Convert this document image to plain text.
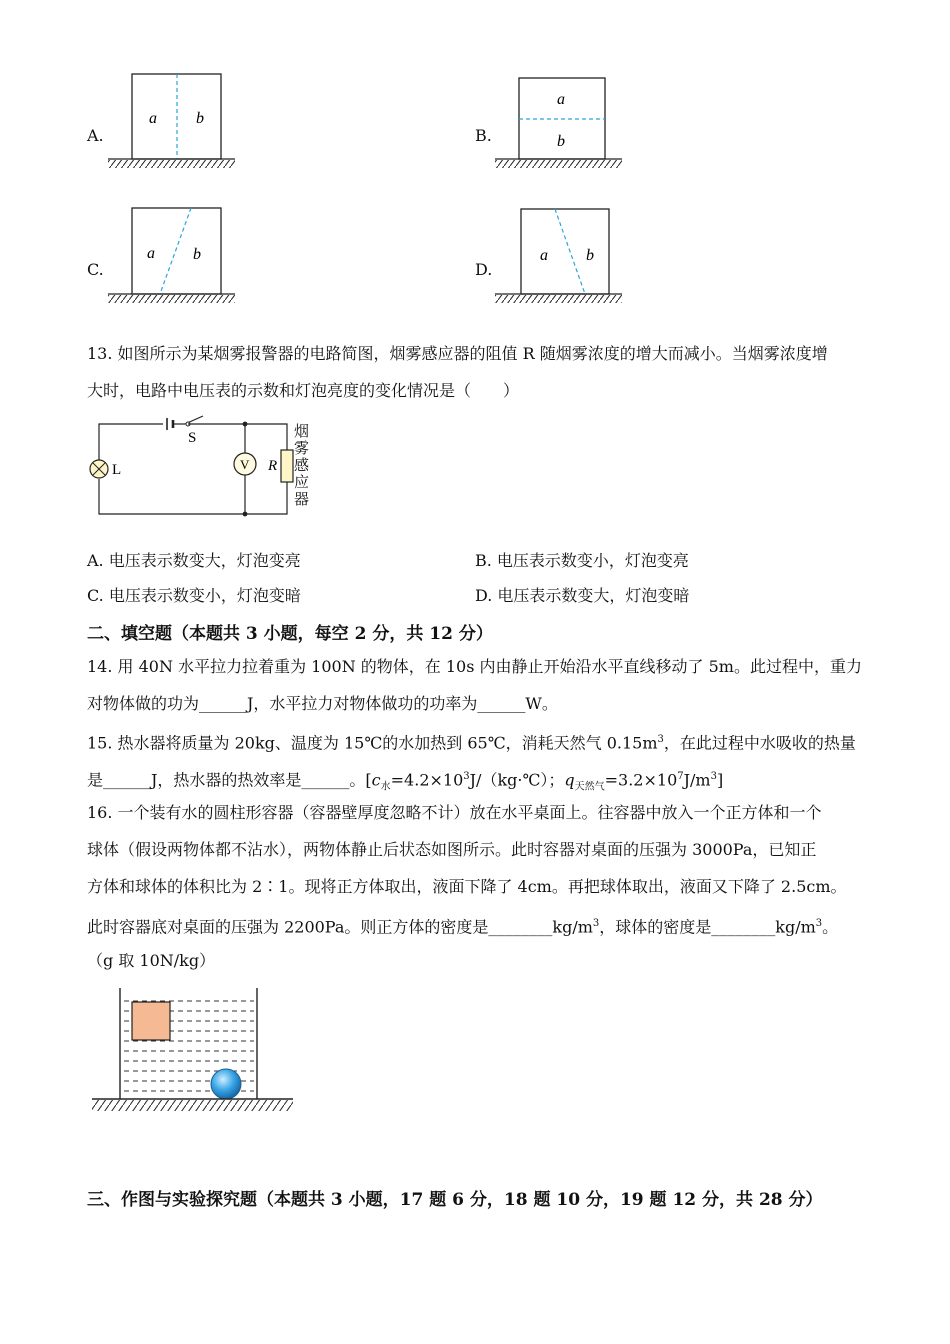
A.
a b
B.
a
b
C.
a b
D.
a b
13. 如图所示为某烟雾报警器的电路简图，烟雾感应器的阻值 R 随烟雾浓度的增大而减小。当烟雾浓度增
大时，电路中电压表的示数和灯泡亮度的变化情况是（　　）
S
V R
L
烟雾感应器
A. 电压表示数变大，灯泡变亮	B. 电压表示数变小，灯泡变亮
C. 电压表示数变小，灯泡变暗	D. 电压表示数变大，灯泡变暗
二、填空题（本题共 3 小题，每空 2 分，共 12 分）
14. 用 40N 水平拉力拉着重为 100N 的物体，在 10s 内由静止开始沿水平直线移动了 5m。此过程中，重力
对物体做的功为______J，水平拉力对物体做功的功率为______W。
15. 热水器将质量为 20kg、温度为 15℃的水加热到 65℃，消耗天然气 $0.15m^3$，在此过程中水吸收的热量
是______J，热水器的热效率是______。[$c_水=4.2\times 10^3J/(kg\cdot℃)$；$q_{天然气}=3.2\times 10^7J/m^3$]
16. 一个装有水的圆柱形容器（容器壁厚度忽略不计）放在水平桌面上。往容器中放入一个正方体和一个
球体（假设两物体都不沾水），两物体静止后状态如图所示。此时容器对桌面的压强为 3000Pa，已知正
方体和球体的体积比为 2∶1。现将正方体取出，液面下降了 4cm。再把球体取出，液面又下降了 2.5cm。
此时容器底对桌面的压强为 2200Pa。则正方体的密度是$\_\_\_\_\_\_\_\_kg/m^3$，球体的密度是$\_\_\_\_\_\_\_\_kg/m^3$。
（g 取 10N/kg）
三、作图与实验探究题（本题共 3 小题，17 题 6 分，18 题 10 分，19 题 12 分，共 28 分）
